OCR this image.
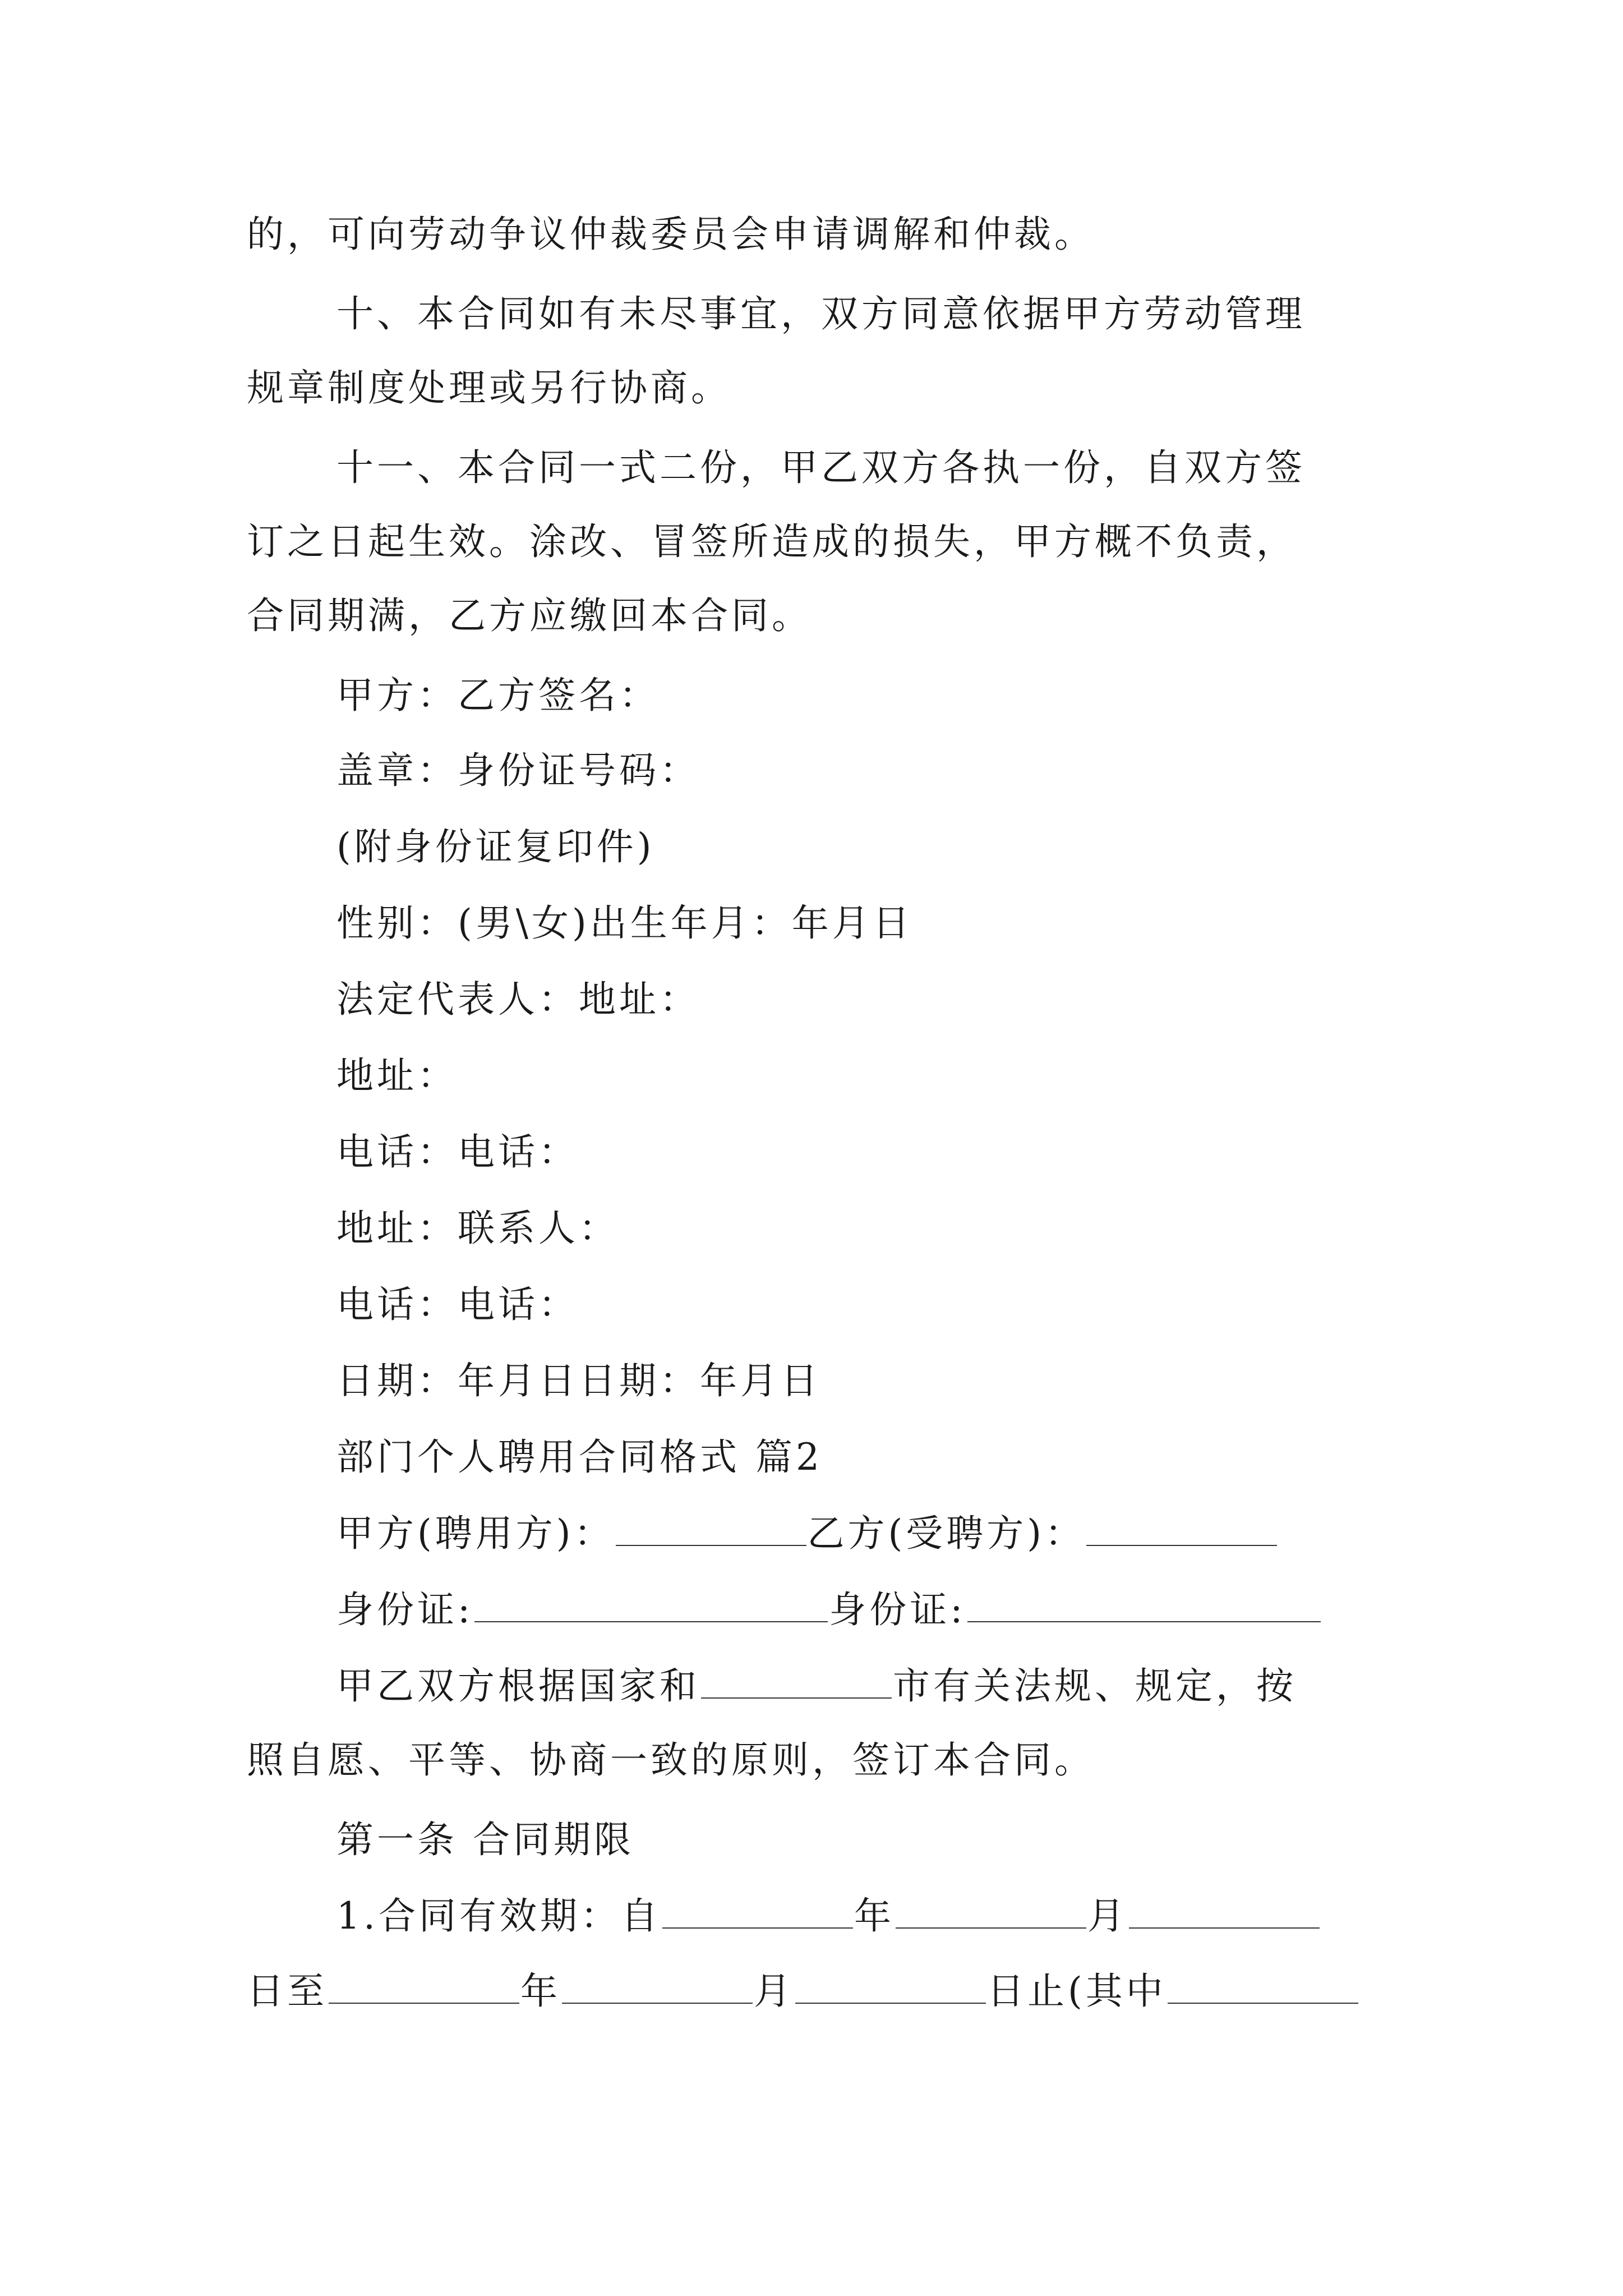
的，可向劳动争议仲裁委员会申请调解和仲裁。
十、本合同如有未尽事宜，双方同意依据甲方劳动管理
规章制度处理或另行协商。
十一、本合同一式二份，甲乙双方各执一份，自双方签
订之日起生效。涂改、冒签所造成的损失，甲方概不负责，
合同期满，乙方应缴回本合同。
甲方：乙方签名：
盖章：身份证号码：
(附身份证复印件)
性别：(男\女)出生年月：年月日
法定代表人：地址：
地址：
电话：电话：
地址：联系人：
电话：电话：
日期：年月日日期：年月日
部门个人聘用合同格式 篇2
甲方(聘用方)：	乙方(受聘方)：
身份证:	身份证:
甲乙双方根据国家和	市有关法规、规定，按
照自愿、平等、协商一致的原则，签订本合同。
第一条 合同期限
1.合同有效期：自	年	月
日至	年	月	日止(其中
